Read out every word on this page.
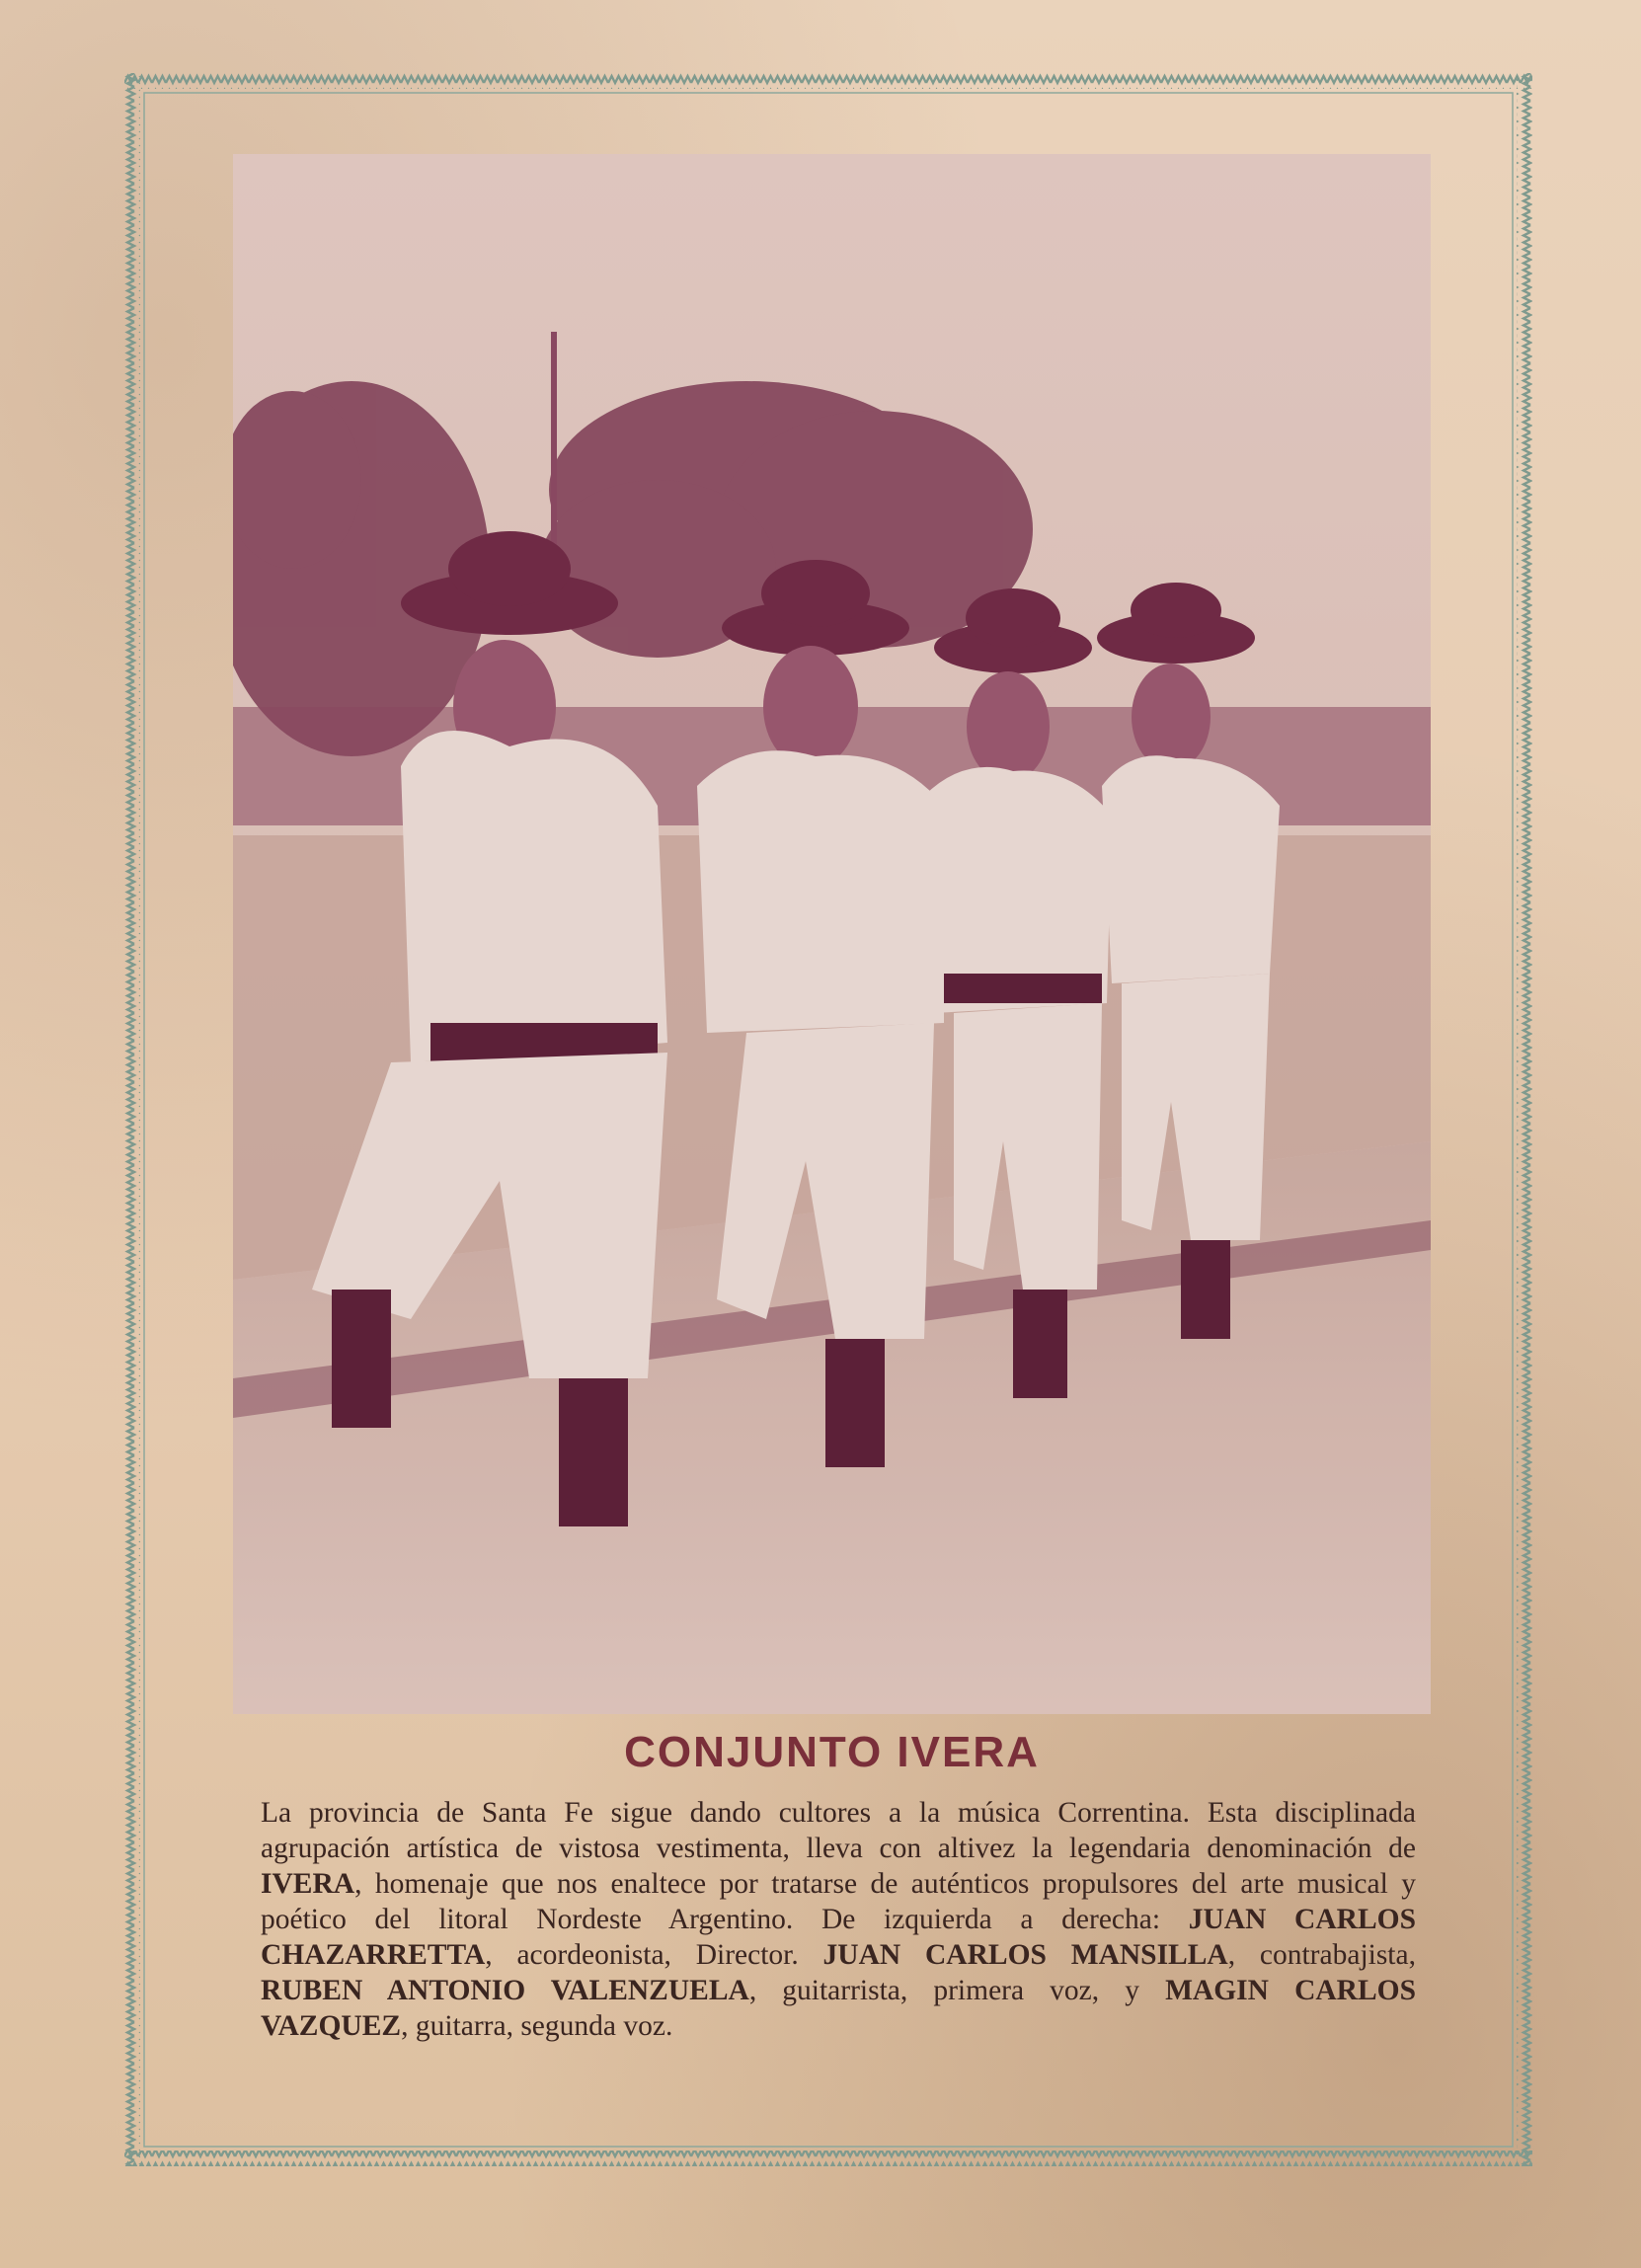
CONJUNTO IVERA
La provincia de Santa Fe sigue dando cultores a la música Correntina. Esta disciplinada agrupación artística de vistosa vestimenta, lleva con altivez la legendaria denominación de IVERA, homenaje que nos enaltece por tratarse de auténticos propulsores del arte musical y poético del litoral Nordeste Argentino. De izquierda a derecha: JUAN CARLOS CHAZARRETTA, acordeonista, Director. JUAN CARLOS MANSILLA, contrabajista, RUBEN ANTONIO VALENZUELA, guitarrista, primera voz, y MAGIN CARLOS VAZQUEZ, guitarra, segunda voz.
